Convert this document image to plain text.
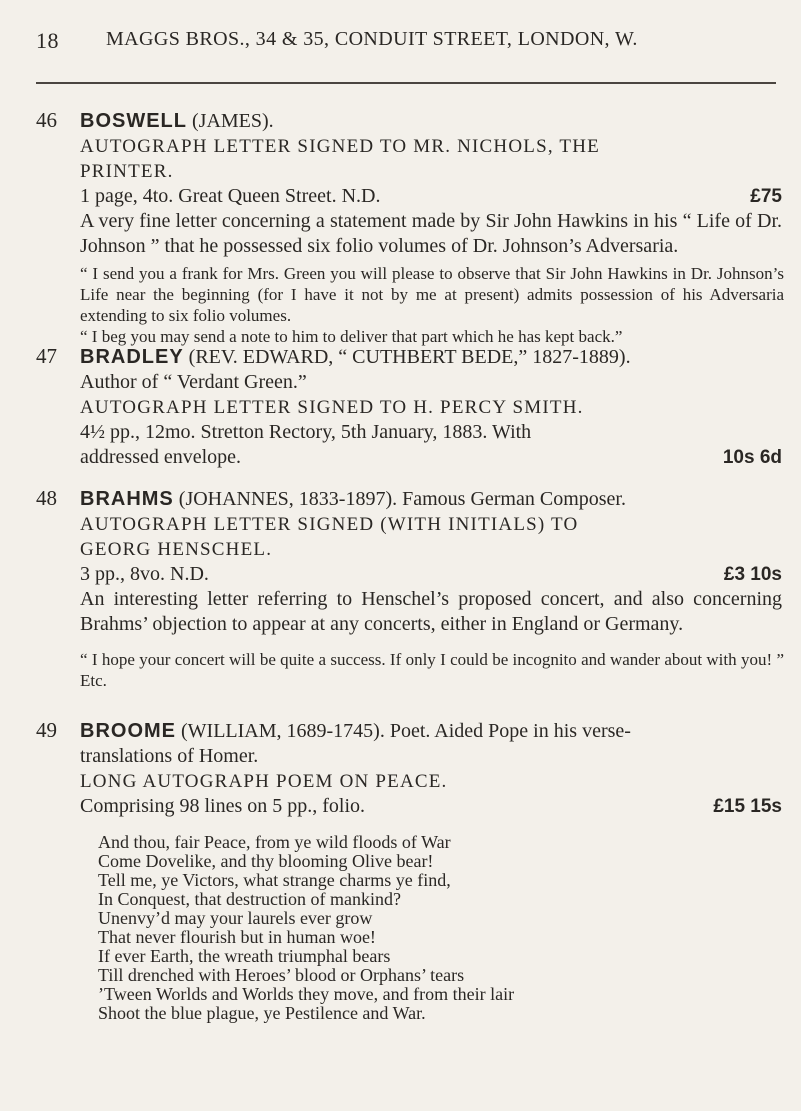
18 MAGGS BROS., 34 & 35, CONDUIT STREET, LONDON, W.
46 BOSWELL (JAMES).
AUTOGRAPH LETTER SIGNED TO MR. NICHOLS, THE
PRINTER.
1 page, 4to. Great Queen Street. N.D.	£75
A very fine letter concerning a statement made by Sir John Hawkins in his “ Life of Dr. Johnson ” that he possessed six folio volumes of Dr. Johnson’s Adversaria.
“ I send you a frank for Mrs. Green you will please to observe that Sir John Hawkins in Dr. Johnson’s Life near the beginning (for I have it not by me at present) admits possession of his Adversaria extending to six folio volumes.
“ I beg you may send a note to him to deliver that part which he has kept back.”
47 BRADLEY (REV. EDWARD, “ CUTHBERT BEDE,” 1827-1889).
Author of “ Verdant Green.”
AUTOGRAPH LETTER SIGNED TO H. PERCY SMITH.
4½ pp., 12mo. Stretton Rectory, 5th January, 1883. With
addressed envelope.	10s 6d
48 BRAHMS (JOHANNES, 1833-1897). Famous German Composer.
AUTOGRAPH LETTER SIGNED (WITH INITIALS) TO
GEORG HENSCHEL.
3 pp., 8vo. N.D.	£3 10s
An interesting letter referring to Henschel’s proposed concert, and also concerning Brahms’ objection to appear at any concerts, either in England or Germany.
“ I hope your concert will be quite a success. If only I could be incognito and wander about with you! ” Etc.
49 BROOME (WILLIAM, 1689-1745). Poet. Aided Pope in his verse-
translations of Homer.
LONG AUTOGRAPH POEM ON PEACE.
Comprising 98 lines on 5 pp., folio.	£15 15s
And thou, fair Peace, from ye wild floods of War
Come Dovelike, and thy blooming Olive bear!
Tell me, ye Victors, what strange charms ye find,
In Conquest, that destruction of mankind?
Unenvy’d may your laurels ever grow
That never flourish but in human woe!
If ever Earth, the wreath triumphal bears
Till drenched with Heroes’ blood or Orphans’ tears
’Tween Worlds and Worlds they move, and from their lair
Shoot the blue plague, ye Pestilence and War.
